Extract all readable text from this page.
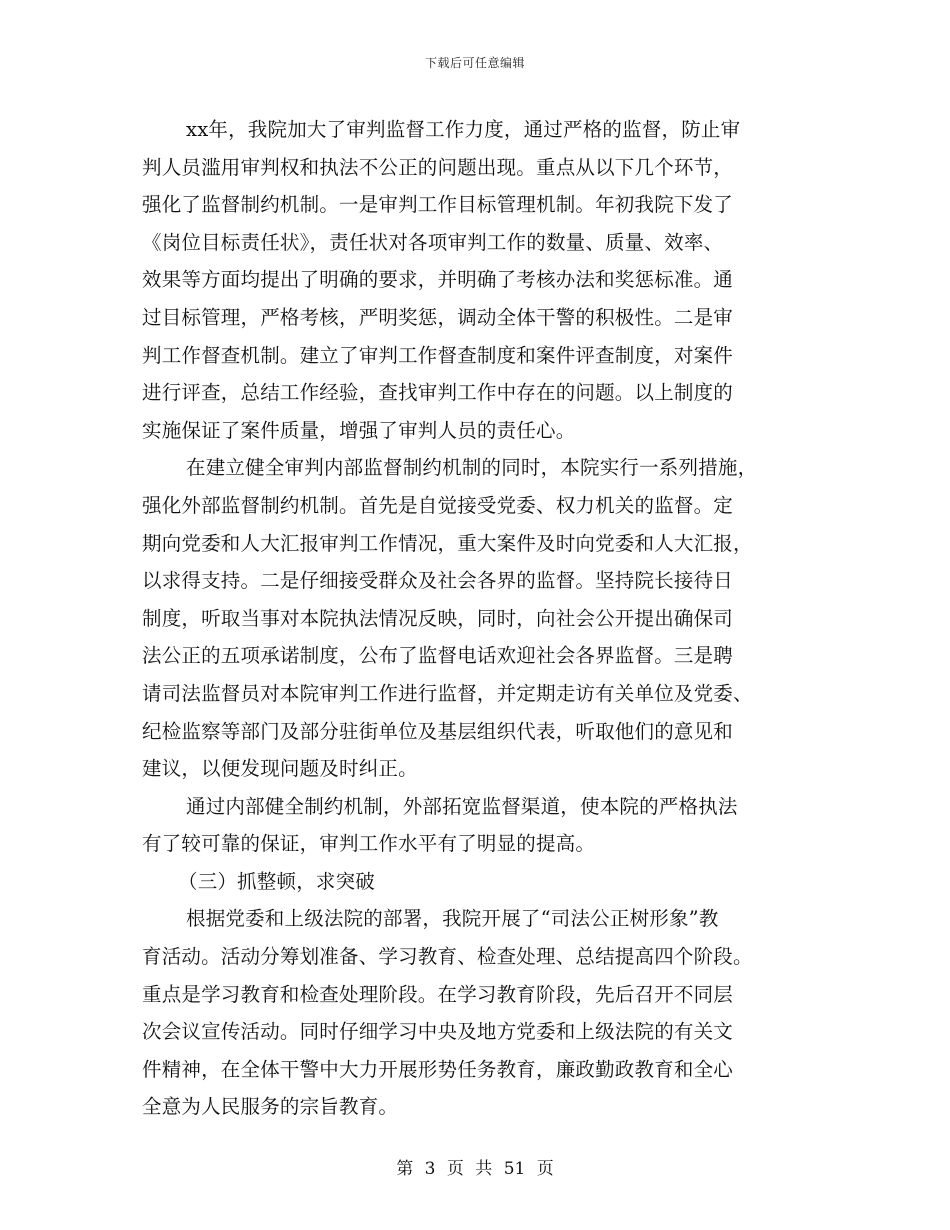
下载后可任意编辑
xx年，我院加大了审判监督工作力度，通过严格的监督，防止审
判人员滥用审判权和执法不公正的问题出现。重点从以下几个环节，
强化了监督制约机制。一是审判工作目标管理机制。年初我院下发了
《岗位目标责任状》，责任状对各项审判工作的数量、质量、效率、
效果等方面均提出了明确的要求，并明确了考核办法和奖惩标准。通
过目标管理，严格考核，严明奖惩，调动全体干警的积极性。二是审
判工作督查机制。建立了审判工作督查制度和案件评查制度，对案件
进行评查，总结工作经验，查找审判工作中存在的问题。以上制度的
实施保证了案件质量，增强了审判人员的责任心。
在建立健全审判内部监督制约机制的同时，本院实行一系列措施，
强化外部监督制约机制。首先是自觉接受党委、权力机关的监督。定
期向党委和人大汇报审判工作情况，重大案件及时向党委和人大汇报，
以求得支持。二是仔细接受群众及社会各界的监督。坚持院长接待日
制度，听取当事对本院执法情况反映，同时，向社会公开提出确保司
法公正的五项承诺制度，公布了监督电话欢迎社会各界监督。三是聘
请司法监督员对本院审判工作进行监督，并定期走访有关单位及党委、
纪检监察等部门及部分驻街单位及基层组织代表，听取他们的意见和
建议，以便发现问题及时纠正。
通过内部健全制约机制，外部拓宽监督渠道，使本院的严格执法
有了较可靠的保证，审判工作水平有了明显的提高。
（三）抓整顿，求突破
根据党委和上级法院的部署，我院开展了“司法公正树形象”教
育活动。活动分筹划准备、学习教育、检查处理、总结提高四个阶段。
重点是学习教育和检查处理阶段。在学习教育阶段，先后召开不同层
次会议宣传活动。同时仔细学习中央及地方党委和上级法院的有关文
件精神，在全体干警中大力开展形势任务教育，廉政勤政教育和全心
全意为人民服务的宗旨教育。
第 3 页 共 51 页
